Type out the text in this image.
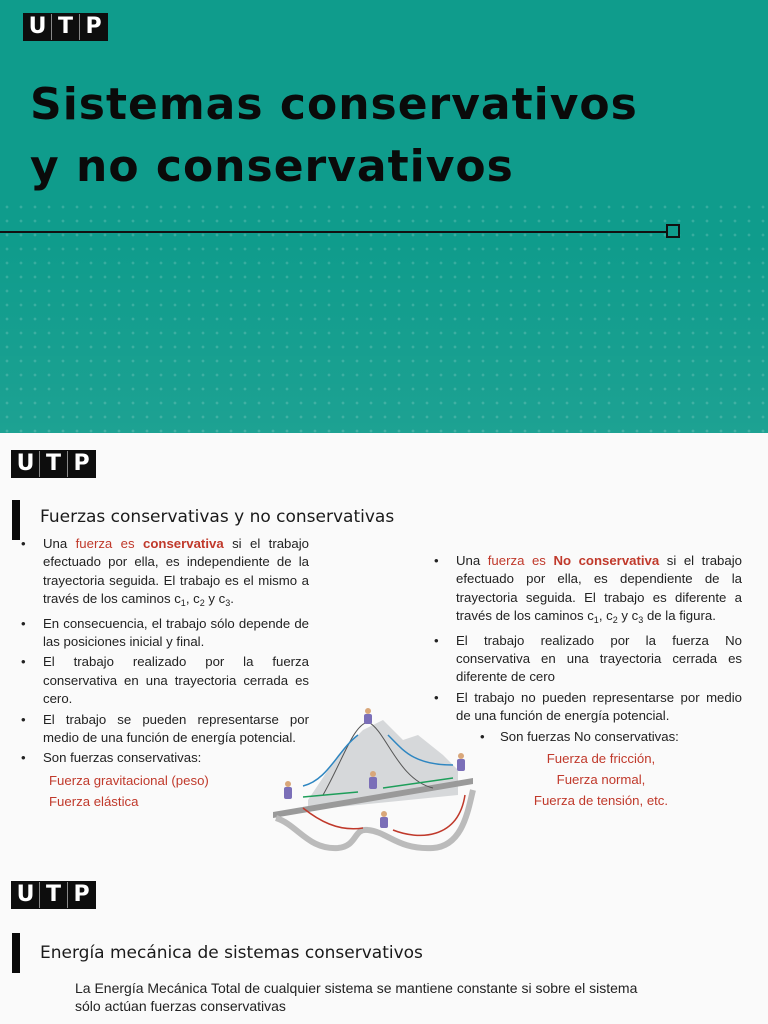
U T P
Sistemas conservativos
y no conservativos
U T P
Fuerzas conservativas y no conservativas
• Una fuerza es conservativa si el trabajo efectuado por ella, es independiente de la trayectoria seguida. El trabajo es el mismo a través de los caminos $c_1$, $c_2$ y $c_3$.
• En consecuencia, el trabajo sólo depende de las posiciones inicial y final.
• El trabajo realizado por la fuerza conservativa en una trayectoria cerrada es cero.
• El trabajo se pueden representarse por medio de una función de energía potencial.
• Son fuerzas conservativas:
Fuerza gravitacional (peso)
Fuerza elástica
• Una fuerza es No conservativa si el trabajo efectuado por ella, es dependiente de la trayectoria seguida. El trabajo es diferente a través de los caminos $c_1$, $c_2$ y $c_3$ de la figura.
• El trabajo realizado por la fuerza No conservativa en una trayectoria cerrada es diferente de cero
• El trabajo no pueden representarse por medio de una función de energía potencial.
• Son fuerzas No conservativas:
Fuerza de fricción,
Fuerza normal,
Fuerza de tensión, etc.
U T P
Energía mecánica de sistemas conservativos
La Energía Mecánica Total de cualquier sistema se mantiene constante si sobre el sistema sólo actúan fuerzas conservativas
